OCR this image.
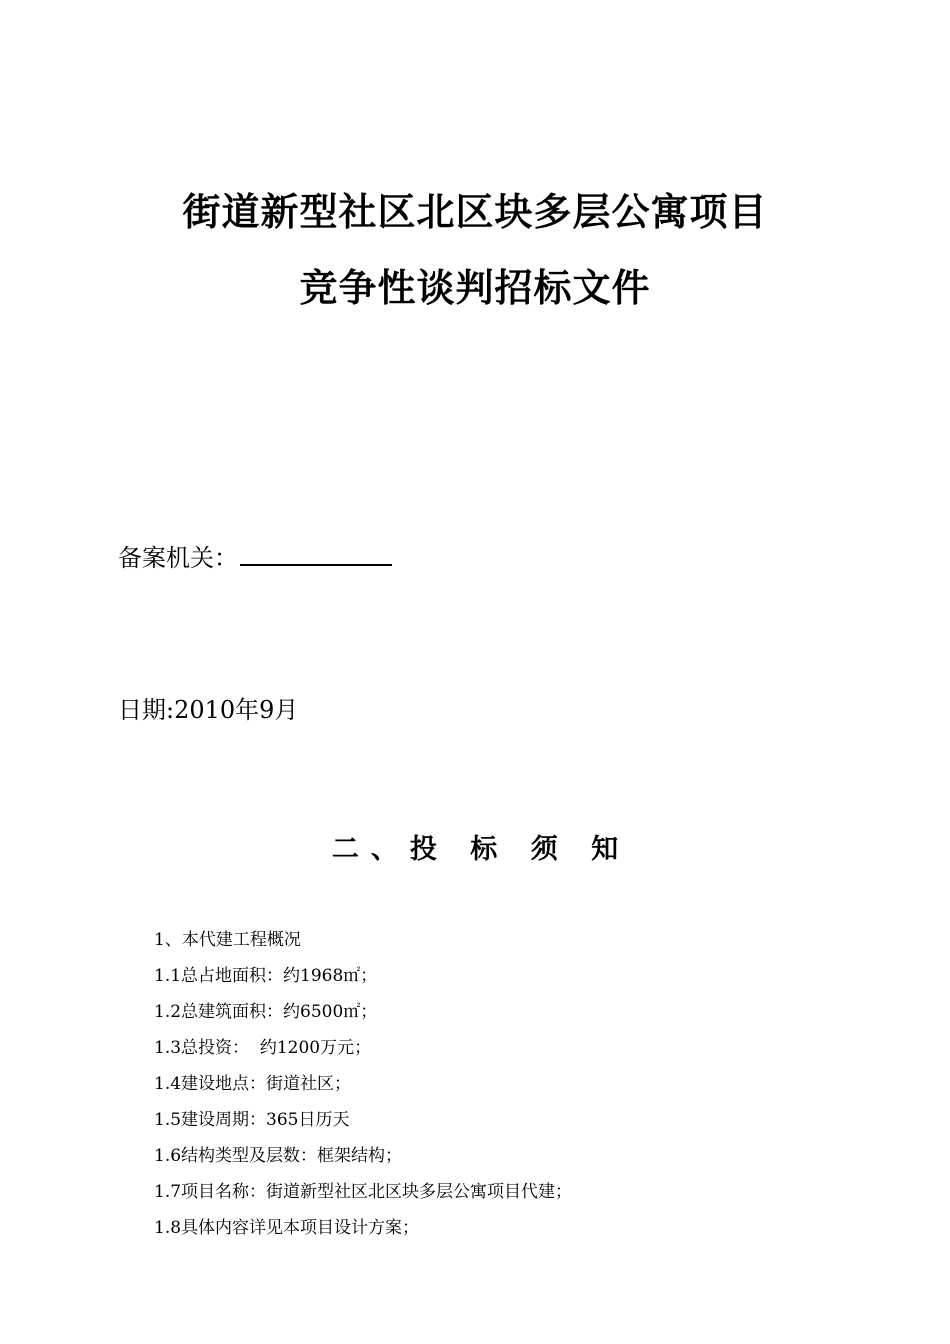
街道新型社区北区块多层公寓项目
竞争性谈判招标文件
备案机关：
日期:2010年9月
二、投 标 须 知
1、本代建工程概况
1.1总占地面积：约1968㎡；
1.2总建筑面积：约6500㎡；
1.3总投资：  约1200万元；
1.4建设地点：街道社区；
1.5建设周期：365日历天
1.6结构类型及层数：框架结构；
1.7项目名称：街道新型社区北区块多层公寓项目代建；
1.8具体内容详见本项目设计方案；
